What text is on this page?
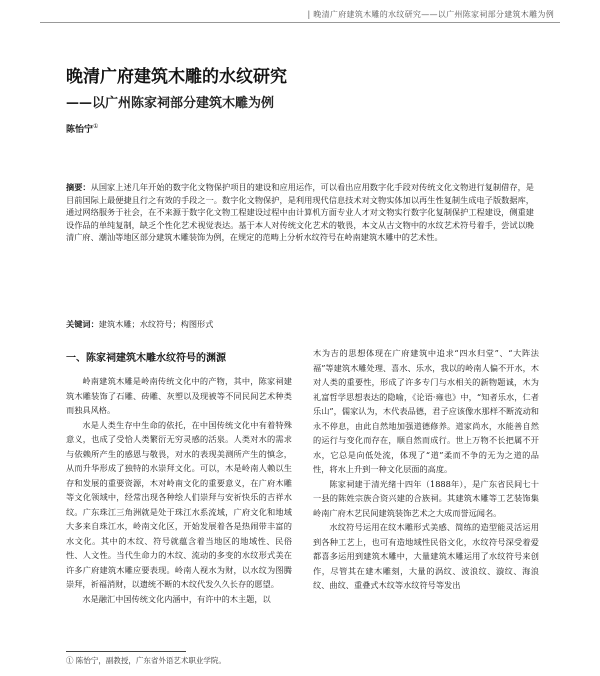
| 晚清广府建筑木雕的水纹研究——以广州陈家祠部分建筑木雕为例
晚清广府建筑木雕的水纹研究
——以广州陈家祠部分建筑木雕为例
陈怡宁①
摘要：从国家上述几年开始的数字化文物保护项目的建设和应用运作，可以看出应用数字化手段对传统文化文物进行复制借存，是目前国际上最便捷且行之有效的手段之一。数字化文物保护，是利用现代信息技术对文物实体加以再生性复制生成电子版数据库，通过网络服务于社会，在不来源于数字化文物工程建设过程中由计算机方面专业人才对文物实行数字化复制保护工程建设，侧重建设作品的单纯复制，缺乏个性化艺术视觉表达。基于本人对传统文化艺术的敬畏，本文从古文物中的水纹艺术符号着手，尝试以晚清广府、潮汕等地区部分建筑木雕装饰为例，在规定的范畴上分析水纹符号在岭南建筑木雕中的艺术性。
关键词：建筑木雕；水纹符号；构图形式
一、陈家祠建筑木雕水纹符号的渊源

岭南建筑木雕是岭南传统文化中的产物，其中，陈家祠建筑木雕装饰了石雕、砖雕、灰塑以及现被等不同民间艺术种类而独具风格。

水是人类生存中生命的依托，在中国传统文化中有着特殊意义，也成了受恰人类繁衍无穷灵感的活泉。人类对水的需求与依赖所产生的感恩与敬畏，对水的表现美测所产生的慎念，从而升华形成了独特的水崇拜文化。可以，木是岭南人赖以生存和发展的重要资源，木对岭南文化的重要意义，在广府木雕等文化领域中，经常出现各种绘人们崇拜与安祈快乐的吉祥水纹。广东珠江三角洲就是处于珠江水系流域，广府文化和地域大多来自珠江水，岭南文化区，开始发展着各是热闹带丰富的水文化。其中的木纹、符号就蕴含着当地区的地域性、民俗性、人文性。当代生命力的木纹、流动的多变的水纹形式美在许多广府建筑木雕应要表现。岭南人视水为财，以水纹为图腾崇拜，祈福消财，以遗统不断的木纹代发久久长存的愿望。

水是融汇中国传统文化内涵中，有许中的木主题，以

木为吉的思想体现在广府建筑中追求“四水归堂”、“大阵法福”等建筑木雕处理、喜水、乐水，我以的岭南人偏不开水，木对人类的重要性，形成了许多专门与水相关的新物题诚，木为礼富哲学思想表达的隐喻，《论语·雍也》中，“知者乐水，仁者乐山”，儒家认为，木代表品德，君子应该像水那样不断流动和永不停息，由此自然地加强道德修养。道家尚水，水能善自然的运行与变化而存在，顺自然而成行。世上万物不长把属不开水，它总是向低处流，体现了“道”柔而不争的无为之道的品性，将水上升到一种文化层面的高度。

陈家祠建于清光绪十四年（1888年），是广东省民间七十一县的陈姓宗族合资兴建的合族祠。其建筑木雕等工艺装饰集岭南广府木艺民间建筑装饰艺术之大成而誉远闻名。

水纹符号运用在纹木雕形式美感、简练的造型能灵活运用到各种工艺上，也可有造地域性民俗文化，水纹符号深受着爱都喜多运用到建筑木雕中，大量建筑木雕运用了水纹符号来创作，尽管其在建木雕刻，大量的涡纹、波浪纹、漩纹、海浪纹、曲纹、重叠式木纹等水纹符号等发出

① 陈怡宁，副教授，广东省外语艺术职业学院。
